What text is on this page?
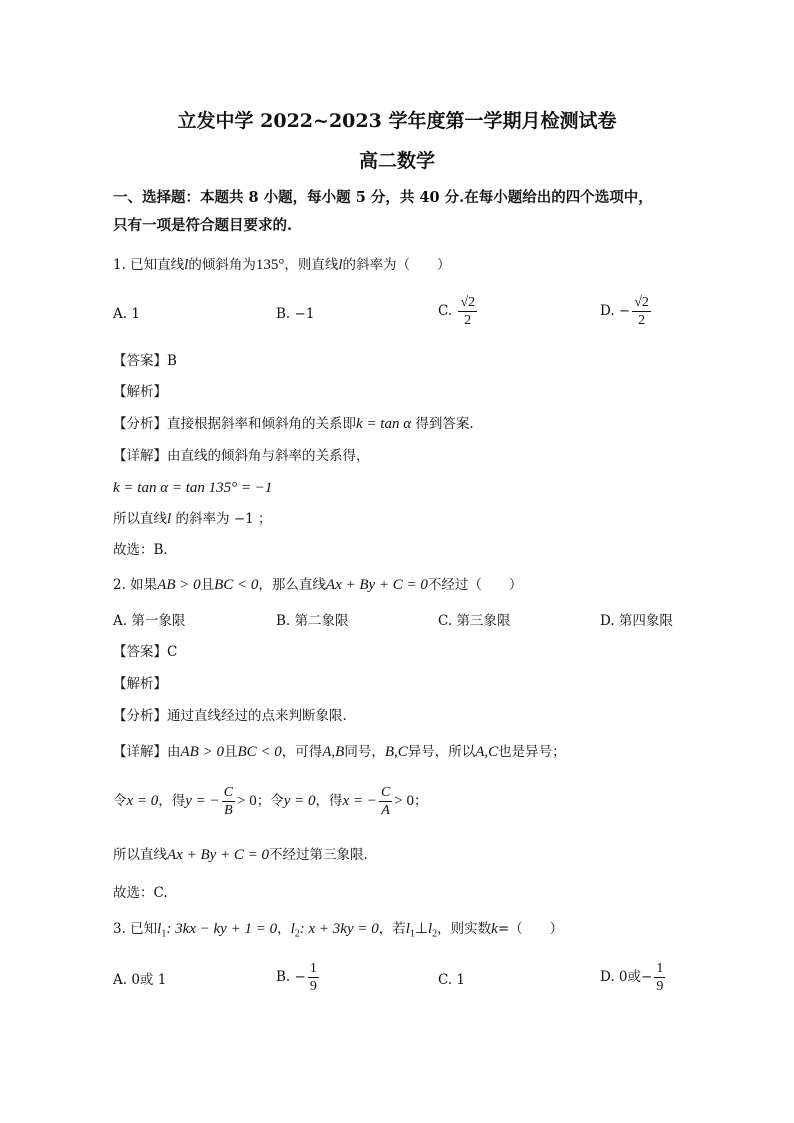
立发中学 2022~2023 学年度第一学期月检测试卷
高二数学
一、选择题：本题共 8 小题，每小题 5 分，共 40 分.在每小题给出的四个选项中，
只有一项是符合题目要求的.
1. 已知直线l的倾斜角为135°，则直线l的斜率为（　　）
A. 1	B. −1	C. $\frac{√2}{2}$	D. − $\frac{√2}{2}$
【答案】B
【解析】
【分析】直接根据斜率和倾斜角的关系即k = tan α 得到答案.
【详解】由直线的倾斜角与斜率的关系得，
k = tan α = tan 135° = −1
所以直线l 的斜率为 −1 ；
故选：B.
2. 如果AB > 0且BC < 0，那么直线Ax + By + C = 0不经过（　　）
A. 第一象限	B. 第二象限	C. 第三象限	D. 第四象限
【答案】C
【解析】
【分析】通过直线经过的点来判断象限.
【详解】由AB > 0且BC < 0，可得A,B同号，B,C异号，所以A,C也是异号；
令x = 0，得y = − $\frac{C}{B} > 0$；令y = 0，得x = − $\frac{C}{A} > 0$；
所以直线Ax + By + C = 0不经过第三象限.
故选：C.
3. 已知$l_1$: 3kx − ky + 1 = 0，$l_2$: x + 3ky = 0，若$l_1\perp l_2$，则实数k=（　　）
A. 0或 1	B. − $\frac{1}{9}$	C. 1	D. 0或− $\frac{1}{9}$
